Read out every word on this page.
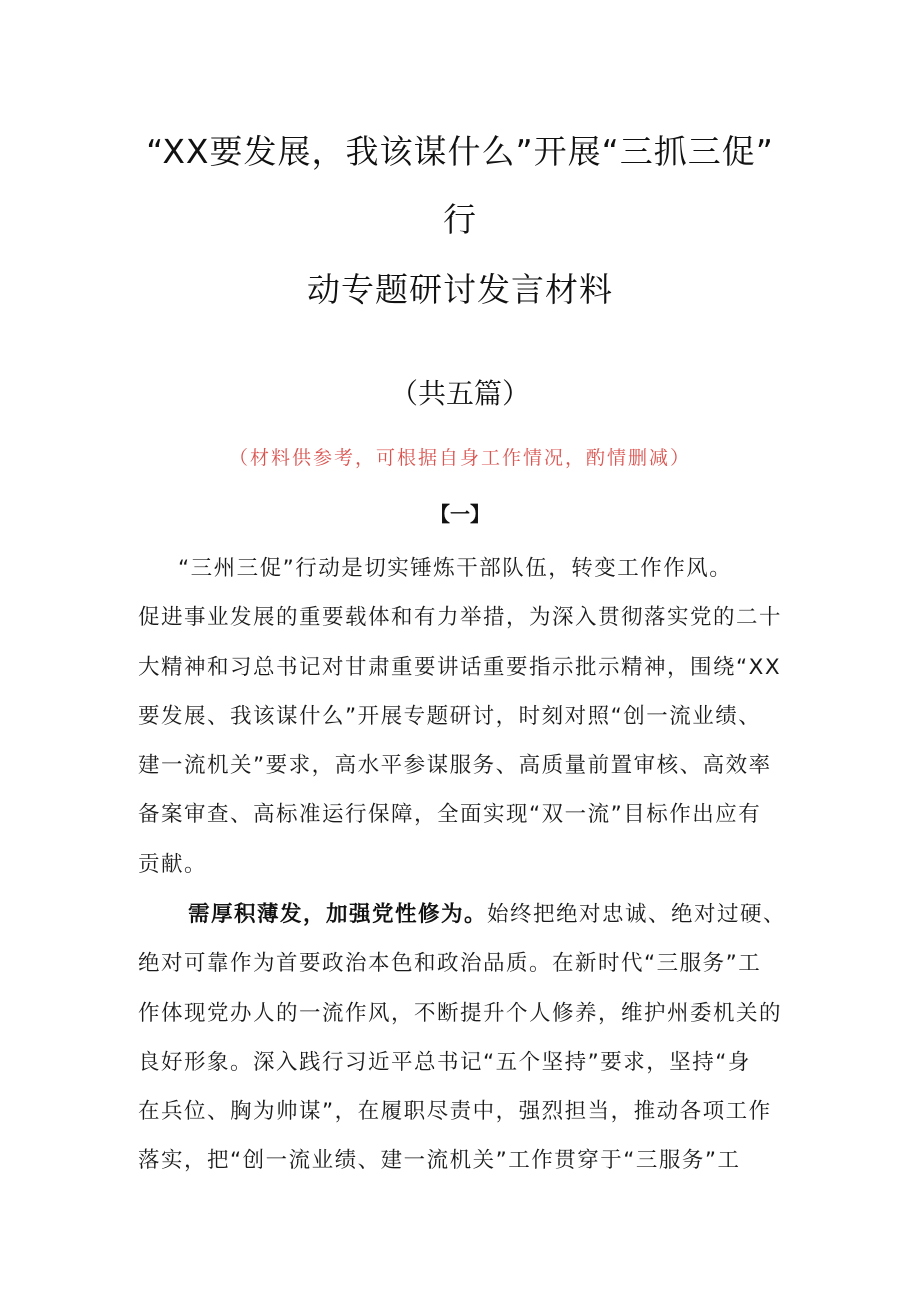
“XX要发展，我该谋什么”开展“三抓三促”
行
动专题研讨发言材料
（共五篇）
（材料供参考，可根据自身工作情况，酌情删减）
【一】
“三州三促”行动是切实锤炼干部队伍，转变工作作风。
促进事业发展的重要载体和有力举措，为深入贯彻落实党的二十
大精神和习总书记对甘肃重要讲话重要指示批示精神，围绕“XX
要发展、我该谋什么”开展专题研讨，时刻对照“创一流业绩、
建一流机关”要求，高水平参谋服务、高质量前置审核、高效率
备案审查、高标准运行保障，全面实现“双一流”目标作出应有
贡献。
需厚积薄发，加强党性修为。始终把绝对忠诚、绝对过硬、
绝对可靠作为首要政治本色和政治品质。在新时代“三服务”工
作体现党办人的一流作风，不断提升个人修养，维护州委机关的
良好形象。深入践行习近平总书记“五个坚持”要求，坚持“身
在兵位、胸为帅谋”，在履职尽责中，强烈担当，推动各项工作
落实，把“创一流业绩、建一流机关”工作贯穿于“三服务”工
